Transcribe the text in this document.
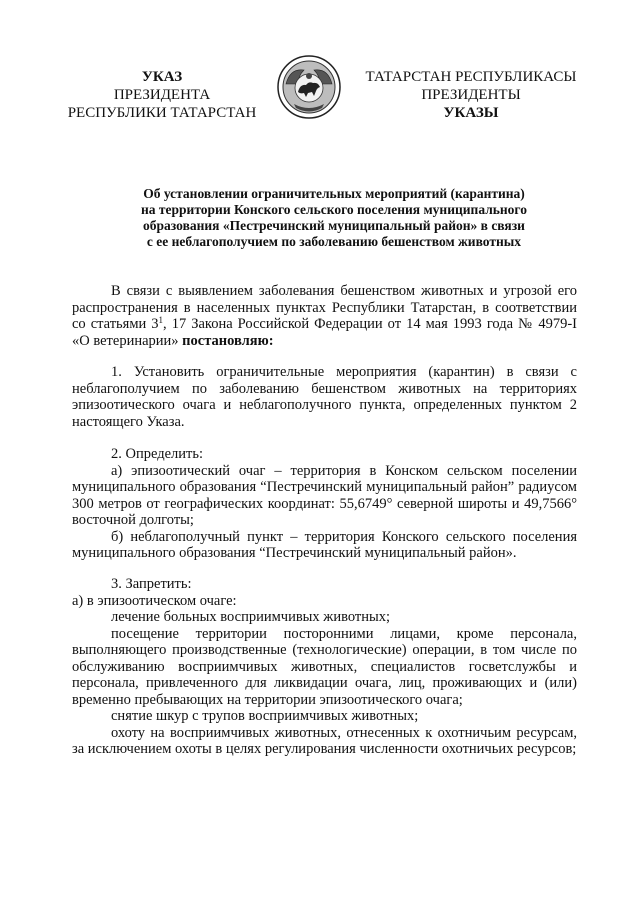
УКАЗ
ПРЕЗИДЕНТА
РЕСПУБЛИКИ ТАТАРСТАН
ТАТАРСТАН РЕСПУБЛИКАСЫ
ПРЕЗИДЕНТЫ
УКАЗЫ
Об установлении ограничительных мероприятий (карантина)
на территории Конского сельского поселения муниципального
образования «Пестречинский муниципальный район» в связи
с ее неблагополучием по заболеванию бешенством животных

В связи с выявлением заболевания бешенством животных и угрозой его распространения в населенных пунктах Республики Татарстан, в соответствии со статьями $3^1$, 17 Закона Российской Федерации от 14 мая 1993 года № 4979-I «О ветеринарии» постановляю:

1. Установить ограничительные мероприятия (карантин) в связи с неблагополучием по заболеванию бешенством животных на территориях эпизоотического очага и неблагополучного пункта, определенных пунктом 2 настоящего Указа.

2. Определить:

а) эпизоотический очаг – территория в Конском сельском поселении муниципального образования “Пестречинский муниципальный район” радиусом 300 метров от географических координат: 55,6749° северной широты и 49,7566° восточной долготы;

б) неблагополучный пункт – территория Конского сельского поселения муниципального образования “Пестречинский муниципальный район».

3. Запретить:

а) в эпизоотическом очаге:

лечение больных восприимчивых животных;

посещение территории посторонними лицами, кроме персонала, выполняющего производственные (технологические) операции, в том числе по обслуживанию восприимчивых животных, специалистов госветслужбы и персонала, привлеченного для ликвидации очага, лиц, проживающих и (или) временно пребывающих на территории эпизоотического очага;

снятие шкур с трупов восприимчивых животных;

охоту на восприимчивых животных, отнесенных к охотничьим ресурсам, за исключением охоты в целях регулирования численности охотничьих ресурсов;
